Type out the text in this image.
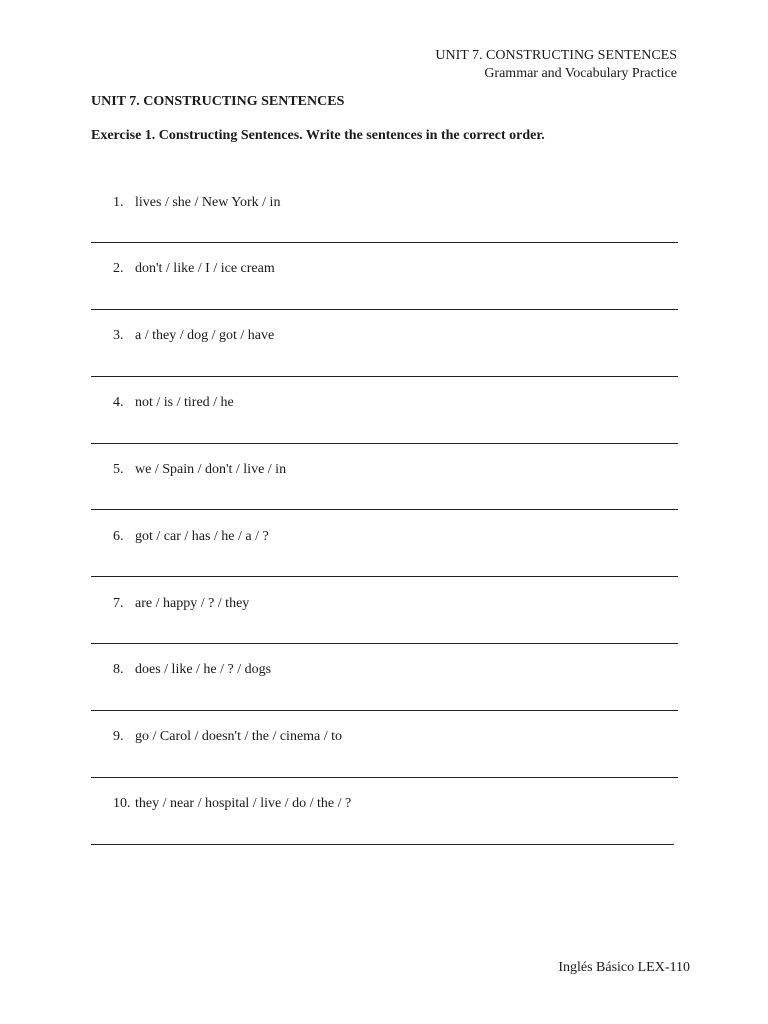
UNIT 7. CONSTRUCTING SENTENCES
Grammar and Vocabulary Practice
UNIT 7. CONSTRUCTING SENTENCES
Exercise 1. Constructing Sentences. Write the sentences in the correct order.
1. lives / she / New York / in
2. don't / like / I / ice cream
3. a / they / dog / got / have
4. not / is / tired / he
5. we / Spain / don't / live / in
6. got / car / has / he / a / ?
7. are / happy / ? / they
8. does / like / he / ? / dogs
9. go / Carol / doesn't / the / cinema / to
10. they / near / hospital / live / do / the / ?
Inglés Básico LEX-110
